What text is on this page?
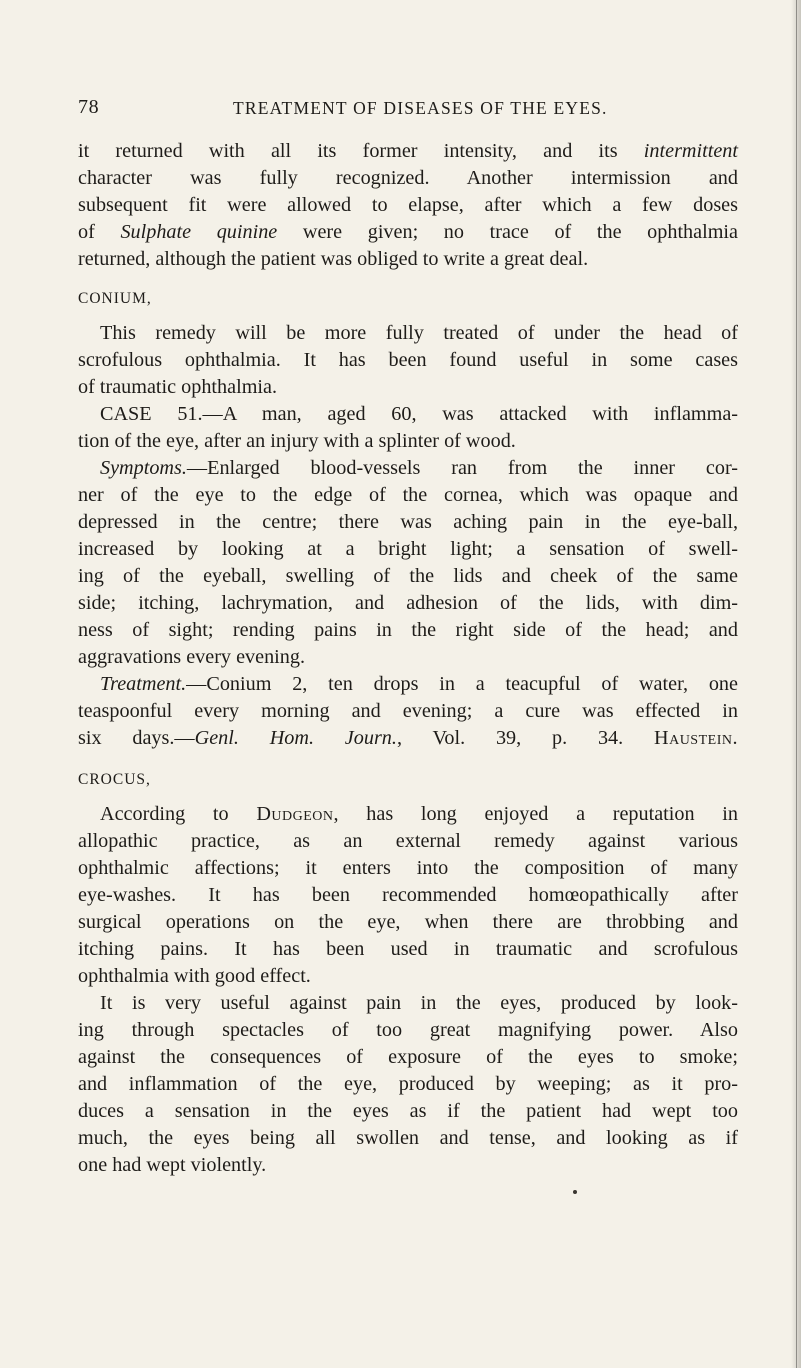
78	TREATMENT OF DISEASES OF THE EYES.

it returned with all its former intensity, and its intermittent

character was fully recognized. Another intermission and

subsequent fit were allowed to elapse, after which a few doses

of Sulphate quinine were given; no trace of the ophthalmia

returned, although the patient was obliged to write a great deal.

CONIUM,

This remedy will be more fully treated of under the head of

scrofulous ophthalmia. It has been found useful in some cases

of traumatic ophthalmia.

CASE 51.—A man, aged 60, was attacked with inflamma-

tion of the eye, after an injury with a splinter of wood.

Symptoms.—Enlarged blood-vessels ran from the inner cor-

ner of the eye to the edge of the cornea, which was opaque and

depressed in the centre; there was aching pain in the eye-ball,

increased by looking at a bright light; a sensation of swell-

ing of the eyeball, swelling of the lids and cheek of the same

side; itching, lachrymation, and adhesion of the lids, with dim-

ness of sight; rending pains in the right side of the head; and

aggravations every evening.

Treatment.—Conium 2, ten drops in a teacupful of water, one

teaspoonful every morning and evening; a cure was effected in

six days.—Genl. Hom. Journ., Vol. 39, p. 34. Haustein.

CROCUS,

According to Dudgeon, has long enjoyed a reputation in

allopathic practice, as an external remedy against various

ophthalmic affections; it enters into the composition of many

eye-washes. It has been recommended homœopathically after

surgical operations on the eye, when there are throbbing and

itching pains. It has been used in traumatic and scrofulous

ophthalmia with good effect.

It is very useful against pain in the eyes, produced by look-

ing through spectacles of too great magnifying power. Also

against the consequences of exposure of the eyes to smoke;

and inflammation of the eye, produced by weeping; as it pro-

duces a sensation in the eyes as if the patient had wept too

much, the eyes being all swollen and tense, and looking as if

one had wept violently.
